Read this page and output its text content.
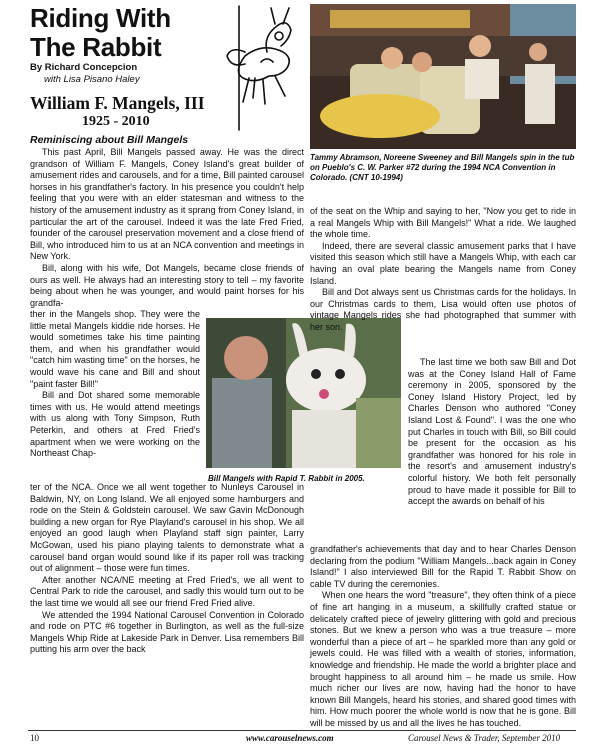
Riding With
The Rabbit
By Richard Concepcion
with Lisa Pisano Haley
Tammy Abramson, Noreene Sweeney and Bill Mangels spin in the tub on Pueblo's C. W. Parker #72 during the 1994 NCA Convention in Colorado. (CNT 10-1994)
William F. Mangels, III
1925 - 2010
Reminiscing about Bill Mangels

This past April, Bill Mangels passed away. He was the direct grandson of William F. Mangels, Coney Island's great builder of amusement rides and carousels, and for a time, Bill painted carousel horses in his grandfather's factory. In his presence you couldn't help feeling that you were with an elder statesman and witness to the history of the amusement industry as it sprang from Coney Island, in particular the art of the carousel. Indeed it was the late Fred Fried, founder of the carousel preservation movement and a close friend of Bill, who introduced him to us at an NCA convention and meetings in New York.

Bill, along with his wife, Dot Mangels, became close friends of ours as well. He always had an interesting story to tell – my favorite being about when he was younger, and would paint horses for his grandfa-

ther in the Mangels shop. They were the little metal Mangels kiddie ride horses. He would sometimes take his time painting them, and when his grandfather would "catch him wasting time" on the horses, he would wave his cane and Bill and shout "paint faster Bill!"

Bill and Dot shared some memorable times with us. He would attend meetings with us along with Tony Simpson, Ruth Peterkin, and others at Fred Fried's apartment when we were working on the Northeast Chap-

Bill Mangels with Rapid T. Rabbit in 2005.

ter of the NCA. Once we all went together to Nunleys Carousel in Baldwin, NY, on Long Island. We all enjoyed some hamburgers and rode on the Stein & Goldstein carousel. We saw Gavin McDonough building a new organ for Rye Playland's carousel in his shop. We all enjoyed an good laugh when Playland staff sign painter, Larry McGowan, used his piano playing talents to demonstrate what a carousel band organ would sound like if its paper roll was tracking out of alignment – those were fun times.

After another NCA/NE meeting at Fred Fried's, we all went to Central Park to ride the carousel, and sadly this would turn out to be the last time we would all see our friend Fred Fried alive.

We attended the 1994 National Carousel Convention in Colorado and rode on PTC #6 together in Burlington, as well as the full-size Mangels Whip Ride at Lakeside Park in Denver. Lisa remembers Bill putting his arm over the back

of the seat on the Whip and saying to her, "Now you get to ride in a real Mangels Whip with Bill Mangels!" What a ride. We laughed the whole time.

Indeed, there are several classic amusement parks that I have visited this season which still have a Mangels Whip, with each car having an oval plate bearing the Mangels name from Coney Island.

Bill and Dot always sent us Christmas cards for the holidays. In our Christmas cards to them, Lisa would often use photos of vintage Mangels rides she had photographed that summer with her son.

The last time we both saw Bill and Dot was at the Coney Island Hall of Fame ceremony in 2005, sponsored by the Coney Island History Project, led by Charles Denson who authored "Coney Island Lost & Found". I was the one who put Charles in touch with Bill, so Bill could be present for the occasion as his grandfather was honored for his role in the resort's and amusement industry's colorful history. We both felt personally proud to have made it possible for Bill to accept the awards on behalf of his

grandfather's achievements that day and to hear Charles Denson declaring from the podium "William Mangels...back again in Coney Island!" I also interviewed Bill for the Rapid T. Rabbit Show on cable TV during the ceremonies.

When one hears the word "treasure", they often think of a piece of fine art hanging in a museum, a skillfully crafted statue or delicately crafted piece of jewelry glittering with gold and precious stones. But we knew a person who was a true treasure – more wonderful than a piece of art – he sparkled more than any gold or jewels could. He was filled with a wealth of stories, information, knowledge and friendship. He made the world a brighter place and brought happiness to all around him – he made us smile. How much richer our lives are now, having had the honor to have known Bill Mangels, heard his stories, and shared good times with him. How much poorer the whole world is now that he is gone. Bill will be missed by us and all the lives he has touched.

10	www.carouselnews.com	Carousel News & Trader, September 2010
